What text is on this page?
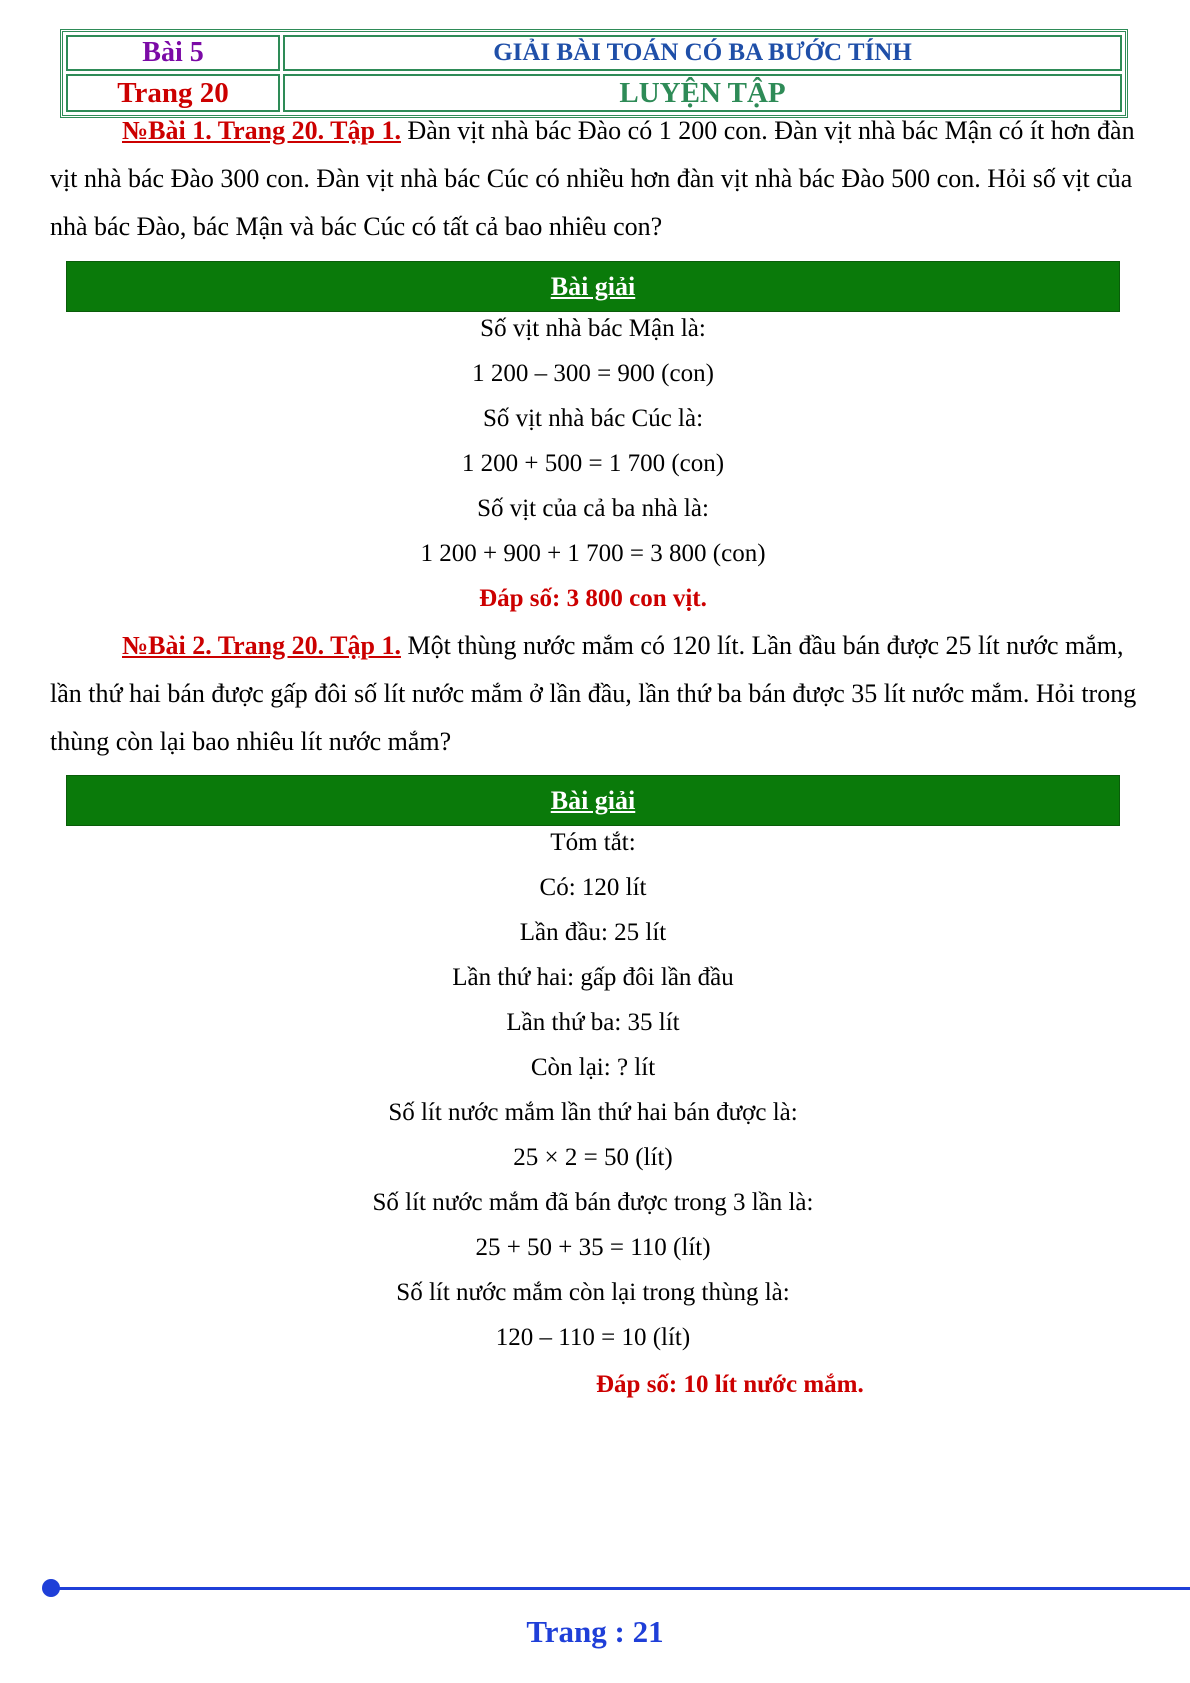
Bài 5	GIẢI BÀI TOÁN CÓ BA BƯỚC TÍNH
Trang 20	LUYỆN TẬP

№Bài 1. Trang 20. Tập 1. Đàn vịt nhà bác Đào có 1 200 con. Đàn vịt nhà bác Mận có ít hơn đàn vịt nhà bác Đào 300 con. Đàn vịt nhà bác Cúc có nhiều hơn đàn vịt nhà bác Đào 500 con. Hỏi số vịt của nhà bác Đào, bác Mận và bác Cúc có tất cả bao nhiêu con?

Bài giải
Số vịt nhà bác Mận là:
1 200 – 300 = 900 (con)
Số vịt nhà bác Cúc là:
1 200 + 500 = 1 700 (con)
Số vịt của cả ba nhà là:
1 200 + 900 + 1 700 = 3 800 (con)
Đáp số: 3 800 con vịt.

№Bài 2. Trang 20. Tập 1. Một thùng nước mắm có 120 lít. Lần đầu bán được 25 lít nước mắm, lần thứ hai bán được gấp đôi số lít nước mắm ở lần đầu, lần thứ ba bán được 35 lít nước mắm. Hỏi trong thùng còn lại bao nhiêu lít nước mắm?

Bài giải
Tóm tắt:
Có: 120 lít
Lần đầu: 25 lít
Lần thứ hai: gấp đôi lần đầu
Lần thứ ba: 35 lít
Còn lại: ? lít
Số lít nước mắm lần thứ hai bán được là:
25 × 2 = 50 (lít)
Số lít nước mắm đã bán được trong 3 lần là:
25 + 50 + 35 = 110 (lít)
Số lít nước mắm còn lại trong thùng là:
120 – 110 = 10 (lít)
Đáp số: 10 lít nước mắm.
Trang : 21
